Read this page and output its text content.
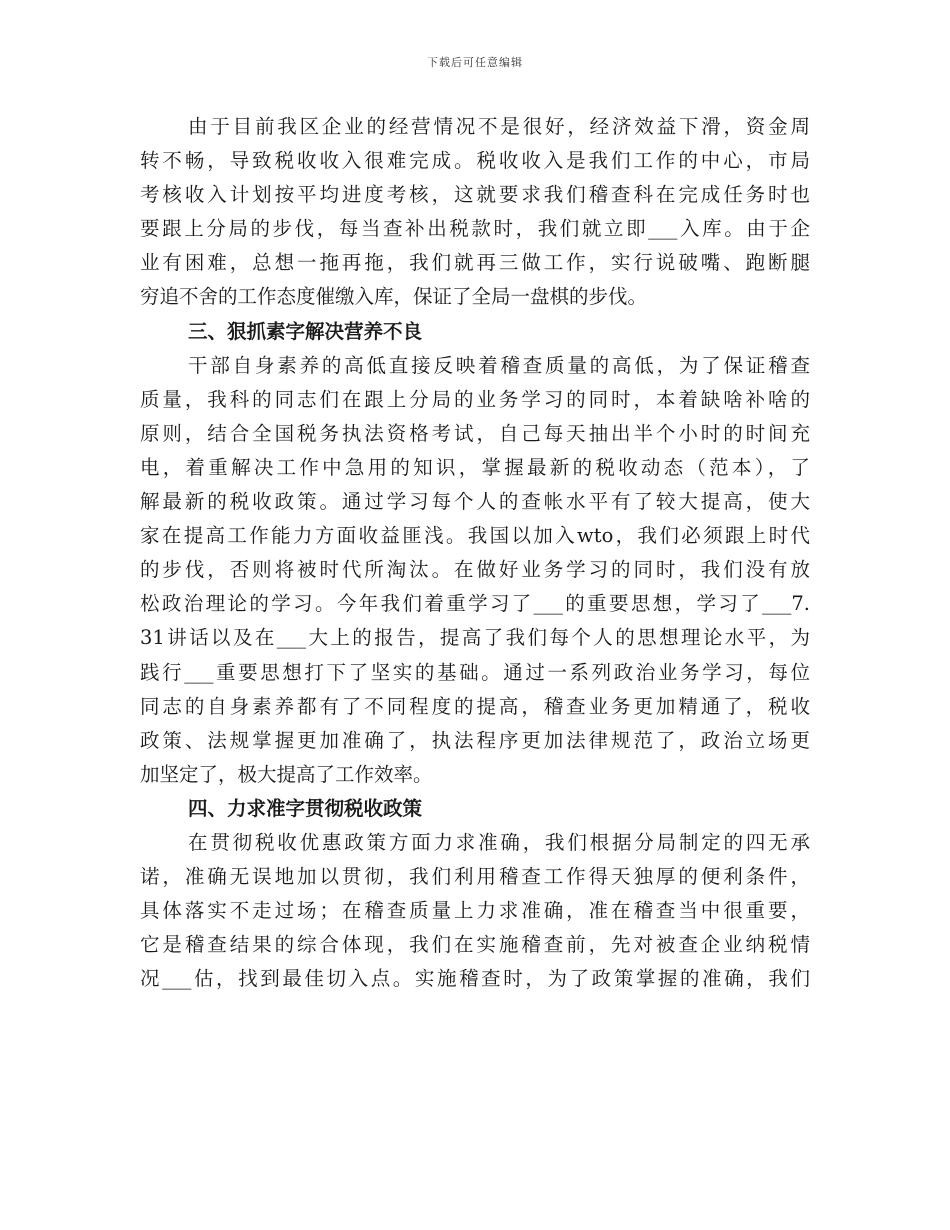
下载后可任意编辑
由于目前我区企业的经营情况不是很好，经济效益下滑，资金周
转不畅，导致税收收入很难完成。税收收入是我们工作的中心，市局
考核收入计划按平均进度考核，这就要求我们稽查科在完成任务时也
要跟上分局的步伐，每当查补出税款时，我们就立即___入库。由于企
业有困难，总想一拖再拖，我们就再三做工作，实行说破嘴、跑断腿
穷追不舍的工作态度催缴入库，保证了全局一盘棋的步伐。
三、狠抓素字解决营养不良
干部自身素养的高低直接反映着稽查质量的高低，为了保证稽查
质量，我科的同志们在跟上分局的业务学习的同时，本着缺啥补啥的
原则，结合全国税务执法资格考试，自己每天抽出半个小时的时间充
电，着重解决工作中急用的知识，掌握最新的税收动态（范本），了
解最新的税收政策。通过学习每个人的查帐水平有了较大提高，使大
家在提高工作能力方面收益匪浅。我国以加入wto，我们必须跟上时代
的步伐，否则将被时代所淘汰。在做好业务学习的同时，我们没有放
松政治理论的学习。今年我们着重学习了___的重要思想，学习了___7.
31讲话以及在___大上的报告，提高了我们每个人的思想理论水平，为
践行___重要思想打下了坚实的基础。通过一系列政治业务学习，每位
同志的自身素养都有了不同程度的提高，稽查业务更加精通了，税收
政策、法规掌握更加准确了，执法程序更加法律规范了，政治立场更
加坚定了，极大提高了工作效率。
四、力求准字贯彻税收政策
在贯彻税收优惠政策方面力求准确，我们根据分局制定的四无承
诺，准确无误地加以贯彻，我们利用稽查工作得天独厚的便利条件，
具体落实不走过场；在稽查质量上力求准确，准在稽查当中很重要，
它是稽查结果的综合体现，我们在实施稽查前，先对被查企业纳税情
况___估，找到最佳切入点。实施稽查时，为了政策掌握的准确，我们
